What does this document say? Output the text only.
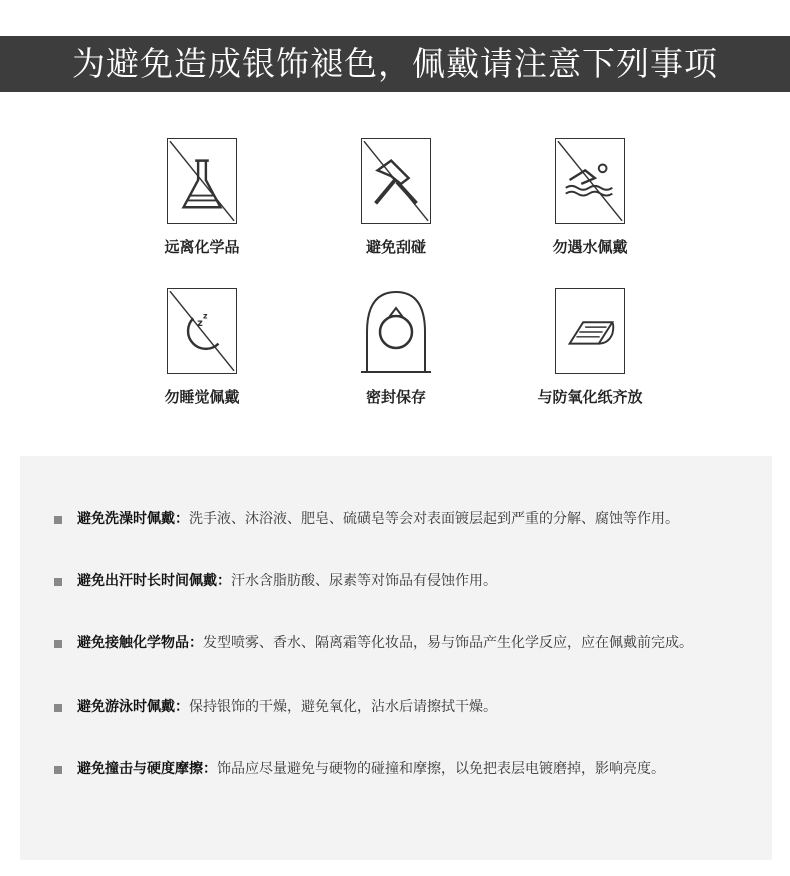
为避免造成银饰褪色，佩戴请注意下列事项
远离化学品	避免刮碰	勿遇水佩戴
z
z
勿睡觉佩戴	密封保存	与防氧化纸齐放
避免洗澡时佩戴：洗手液、沐浴液、肥皂、硫磺皂等会对表面镀层起到严重的分解、腐蚀等作用。
避免出汗时长时间佩戴：汗水含脂肪酸、尿素等对饰品有侵蚀作用。
避免接触化学物品：发型喷雾、香水、隔离霜等化妆品，易与饰品产生化学反应，应在佩戴前完成。
避免游泳时佩戴：保持银饰的干燥，避免氧化，沾水后请擦拭干燥。
避免撞击与硬度摩擦：饰品应尽量避免与硬物的碰撞和摩擦，以免把表层电镀磨掉，影响亮度。
